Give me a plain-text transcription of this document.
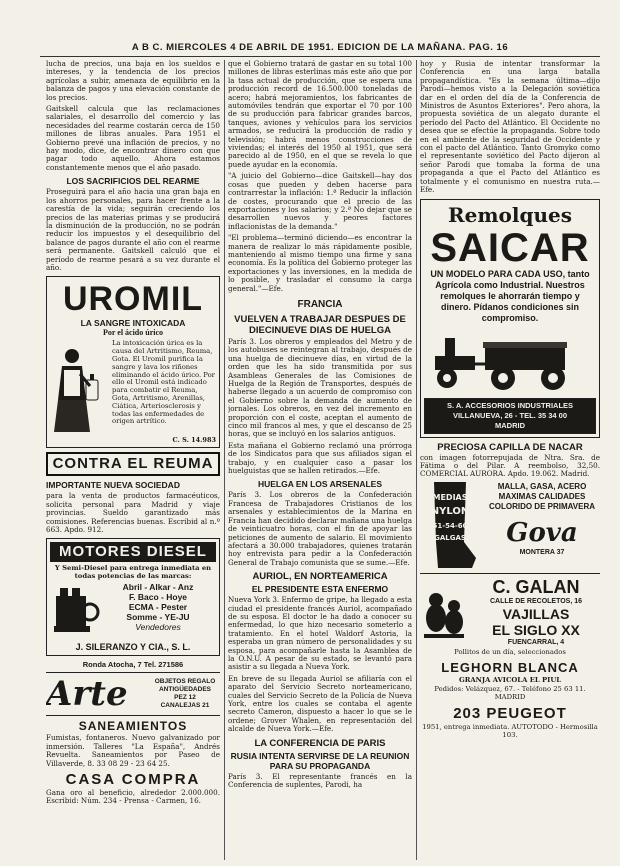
A B C. MIERCOLES 4 DE ABRIL DE 1951. EDICION DE LA MAÑANA. PAG. 16

lucha de precios, una baja en los sueldos e intereses, y la tendencia de los precios agrícolas a subir, amenaza de equilibrio en la balanza de pagos y una elevación constante de los precios.

Gaitskell calcula que las reclamaciones salariales, el desarrollo del comercio y las necesidades del rearme costarán cerca de 150 millones de libras anuales. Para 1951 el Gobierno prevé una inflación de precios, y no hay modo, dice, de encontrar dinero con que pagar todo aquello. Ahora estamos constantemente menos que el año pasado.

LOS SACRIFICIOS DEL REARME

Proseguirá para el año hacia una gran baja en los ahorros personales, para hacer frente a la carestía de la vida; seguirán creciendo los precios de las materias primas y se producirá la disminución de la producción, no se podrán reducir los impuestos y el desequilibrio del balance de pagos durante el año con el rearme será permanente. Gaitskell calculó que el período de rearme pesará a su vez durante el año.

UROMIL
LA SANGRE INTOXICADA
Por el ácido úrico
La intoxicación úrica es la causa del Artritismo, Reuma, Gota. El Uromil purifica la sangre y lava los riñones eliminando el ácido úrico. Por ello el Uromil está indicado para combatir el Reuma, Gota, Artritismo, Arenillas, Ciática, Arteriosclerosis y todas las enfermedades de origen artrítico.
C. S. 14.983
CONTRA EL REUMA
IMPORTANTE NUEVA SOCIEDAD

para la venta de productos farmacéuticos, solicita personal para Madrid y viaje provincias. Sueldo garantizado más comisiones. Referencias buenas. Escribid al n.º 663. Apdo. 912.

MOTORES DIESEL
Y Semi-Diesel para entrega inmediata en todas potencias de las marcas:
Abril - Alkar - Anz
F. Baco - Hoye
ECMA - Pester
Somme - YE-JU
Vendedores
J. SILERANZO Y CIA., S. L.
Ronda Atocha, 7 Tel. 271586
Arte	OBJETOS REGALO
ANTIGÜEDADES
PEZ 12
CANALEJAS 21
SANEAMIENTOS

Fumistas, fontaneros. Nuevo galvanizado por inmersión. Talleres "La España", Andrés Revuelta. Saneamientos por Paseo de Villaverde, 8. 33 08 29 - 23 64 25.

CASA COMPRA

Gana oro al beneficio, alrededor 2.000.000. Escribid: Núm. 234 - Prensa - Carmen, 16.

que el Gobierno tratará de gastar en su total 100 millones de libras esterlinas más este año que por la tasa actual de producción, que se espera una producción record de 16.500.000 toneladas de acero; habrá mejoramientos, los fabricantes de automóviles tendrán que exportar el 70 por 100 de su producción para fabricar grandes barcos, tanques, aviones y vehículos para los servicios armados, se reducirá la producción de radio y televisión; habrá menos construcciones de viviendas; el interés del 1950 al 1951, que será parecido al de 1950, en el que se revela lo que puede ayudar en la economía.

"A juicio del Gobierno—dice Gaitskell—hay dos cosas que pueden y deben hacerse para contrarrestar la inflación: 1.ª Reducir la inflación de costes, procurando que el precio de las exportaciones y los salarios; y 2.ª No dejar que se desarrollen nuevos y peores factores inflacionistas de la demanda."

"El problema—terminó diciendo—es encontrar la manera de realizar lo más rápidamente posible, manteniendo al mismo tiempo una firme y sana economía. Es la política del Gobierno proteger las exportaciones y las inversiones, en la medida de lo posible, y trasladar el consumo la carga general."—Efe.

FRANCIA
VUELVEN A TRABAJAR DESPUES DE DIECINUEVE DIAS DE HUELGA

París 3. Los obreros y empleados del Metro y de los autobuses se reintegran al trabajo, después de una huelga de diecinueve días, en virtud de la orden que les ha sido transmitida por sus Asambleas Generales de las Comisiones de Huelga de la Región de Transportes, después de haberse llegado a un acuerdo de compromiso con el Gobierno sobre la demanda de aumento de jornales. Los obreros, en vez del incremento en proporción con el coste, aceptan el aumento de cinco mil francos al mes, y que el descanso de 25 horas, que se incluyó en los salarios antiguos.

Esta mañana el Gobierno reclamó una prórroga de los Sindicatos para que sus afiliados sigan el trabajo, y en cualquier caso a pasar los huelguistas que se hallen retirados.—Efe.

HUELGA EN LOS ARSENALES

París 3. Los obreros de la Confederación Francesa de Trabajadores Cristianos de los arsenales y establecimientos de la Marina en Francia han decidido declarar mañana una huelga de veinticuatro horas, con el fin de apoyar las peticiones de aumento de salario. El movimiento afectará a 30.000 trabajadores, quienes tratarán hoy entrevista para pedir a la Confederación General de Trabajo comunista que se sume.—Efe.

AURIOL, EN NORTEAMERICA
EL PRESIDENTE ESTA ENFERMO

Nueva York 3. Enfermo de gripe, ha llegado a esta ciudad el presidente francés Auriol, acompañado de su esposa. El doctor le ha dado a conocer su enfermedad, lo que hizo necesario someterlo a tratamiento. En el hotel Waldorf Astoria, la esperaba un gran número de personalidades y su esposa, para acompañarle hasta la Asamblea de la O.N.U. A pesar de su estado, se levantó para asistir a su llegada a Nueva York.

En breve de su llegada Auriol se afiliaría con el aparato del Servicio Secreto norteamericano, cuales del Servicio Secreto de la Policía de Nueva York, entre los cuales se contaba el agente secreto Cameron, dispuesto a hacer lo que se le ordene; Grover Whalen, en representación del alcalde de Nueva York.—Efe.

LA CONFERENCIA DE PARIS
RUSIA INTENTA SERVIRSE DE LA REUNION PARA SU PROPAGANDA

París 3. El representante francés en la Conferencia de suplentes, Parodi, ha

hoy y Rusia de intentar transformar la Conferencia en una larga batalla propagandística. "Es la semana última—dijo Parodi—hemos visto a la Delegación soviética dar en el orden del día de la Conferencia de Ministros de Asuntos Exteriores". Pero ahora, la propuesta soviética de un alegato durante el período del Pacto del Atlántico. El Occidente no desea que se efectúe la propaganda. Sobre todo en el ambiente de la seguridad de Occidente y con el pacto del Atlántico. Tanto Gromyko como el representante soviético del Pacto dijeron al señor Parodi que tomaba la forma de una propaganda a que el Pacto del Atlántico es totalmente y el comunismo en nuestra ruta.—Efe.

Remolques
SAICAR
UN MODELO PARA CADA USO, tanto Agrícola como Industrial. Nuestros remolques le ahorrarán tiempo y dinero. Pídanos condiciones sin compromiso.
S. A. ACCESORIOS INDUSTRIALES
VILLANUEVA, 26 - TEL. 35 34 00
MADRID
PRECIOSA CAPILLA DE NACAR

con imagen fotorrepujada de Ntra. Sra. de Fátima o del Pilar. A reembolso, 32,50. COMERCIAL AURORA. Apdo. 19.062. Madrid.

MEDIAS
NYLON
51-54-60
GALGAS
MALLA, GASA, ACERO
MAXIMAS CALIDADES
COLORIDO DE PRIMAVERA
Gova
MONTERA 37
C. GALAN
CALLE DE RECOLETOS, 16
VAJILLAS
EL SIGLO XX
FUENCARRAL, 4
Pollitos de un día, seleccionados
LEGHORN BLANCA
GRANJA AVICOLA EL PIUL
Pedidos: Velázquez, 67. - Teléfono 25 63 11. MADRID
203 PEUGEOT
1951, entrega inmediata. AUTOTODO - Hermosilla 103.
